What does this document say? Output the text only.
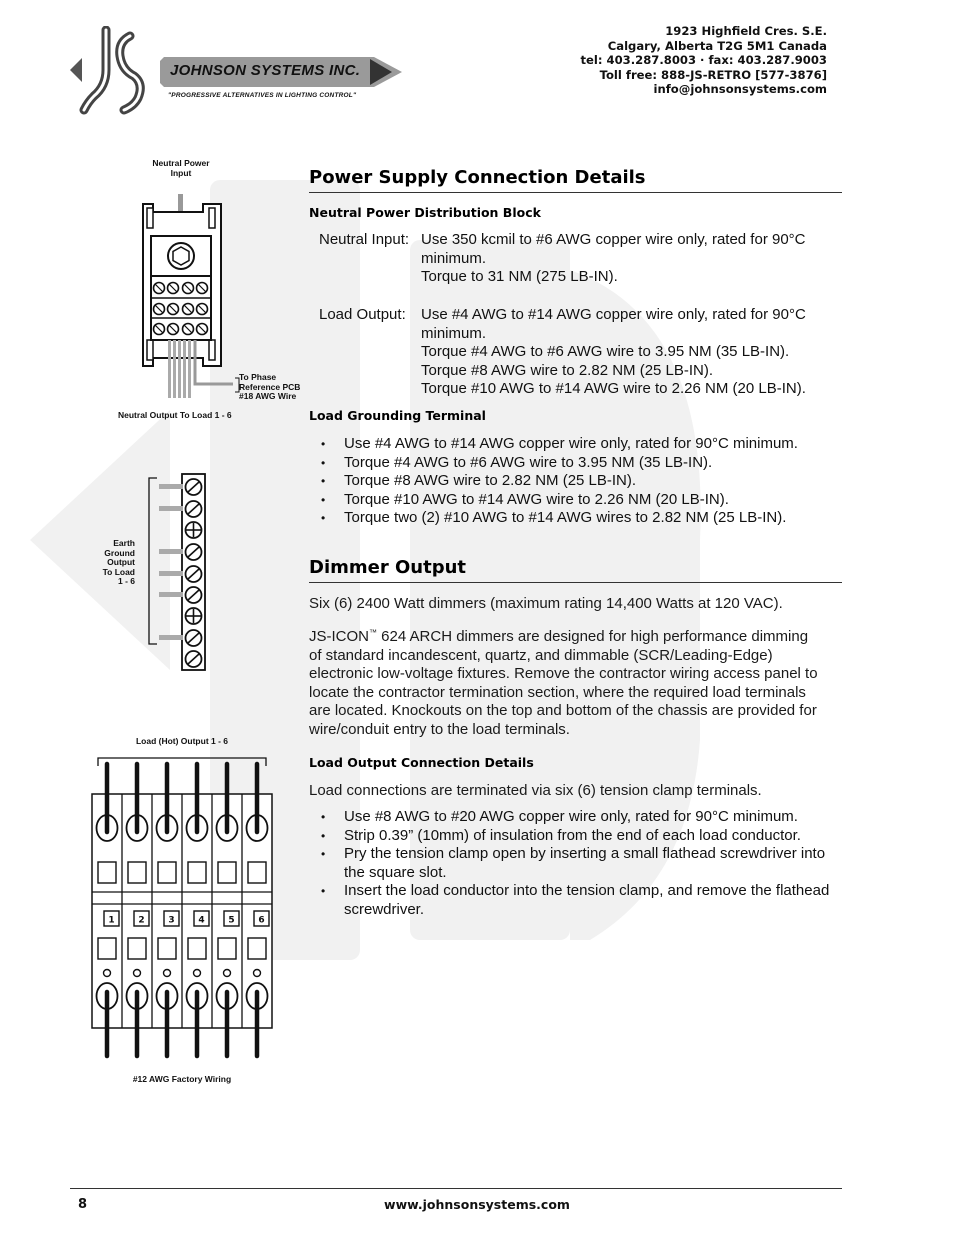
JOHNSON SYSTEMS INC.
"PROGRESSIVE ALTERNATIVES IN LIGHTING CONTROL"
1923 Highfield Cres. S.E.
Calgary, Alberta T2G 5M1 Canada
tel: 403.287.8003 · fax: 403.287.9003
Toll free: 888-JS-RETRO [577-3876]
info@johnsonsystems.com
Neutral Power
Input
To Phase
Reference PCB
#18 AWG Wire
Neutral Output To Load 1 - 6
Earth
Ground
Output
To Load
1 - 6
Load (Hot) Output 1 - 6
1	2	3	4	5	6
#12 AWG Factory Wiring
Power Supply Connection Details
Neutral Power Distribution Block
Neutral Input: Use 350 kcmil to #6 AWG copper wire only, rated for 90°C
minimum.
Torque to 31 NM (275 LB-IN).
Load Output: Use #4 AWG to #14 AWG copper wire only, rated for 90°C
minimum.
Torque #4 AWG to #6 AWG wire to 3.95 NM (35 LB-IN).
Torque #8 AWG wire to 2.82 NM (25 LB-IN).
Torque #10 AWG to #14 AWG wire to 2.26 NM (20 LB-IN).
Load Grounding Terminal
• Use #4 AWG to #14 AWG copper wire only, rated for 90°C minimum.
• Torque #4 AWG to #6 AWG wire to 3.95 NM (35 LB-IN).
• Torque #8 AWG wire to 2.82 NM (25 LB-IN).
• Torque #10 AWG to #14 AWG wire to 2.26 NM (20 LB-IN).
• Torque two (2) #10 AWG to #14 AWG wires to 2.82 NM (25 LB-IN).
Dimmer Output
Six (6) 2400 Watt dimmers (maximum rating 14,400 Watts at 120 VAC).
JS-ICON™ 624 ARCH dimmers are designed for high performance dimming
of standard incandescent, quartz, and dimmable (SCR/Leading-Edge)
electronic low-voltage fixtures. Remove the contractor wiring access panel to
locate the contractor termination section, where the required load terminals
are located. Knockouts on the top and bottom of the chassis are provided for
wire/conduit entry to the load terminals.
Load Output Connection Details
Load connections are terminated via six (6) tension clamp terminals.
• Use #8 AWG to #20 AWG copper wire only, rated for 90°C minimum.
• Strip 0.39” (10mm) of insulation from the end of each load conductor.
• Pry the tension clamp open by inserting a small flathead screwdriver into the square slot.
• Insert the load conductor into the tension clamp, and remove the flathead screwdriver.
8	www.johnsonsystems.com
